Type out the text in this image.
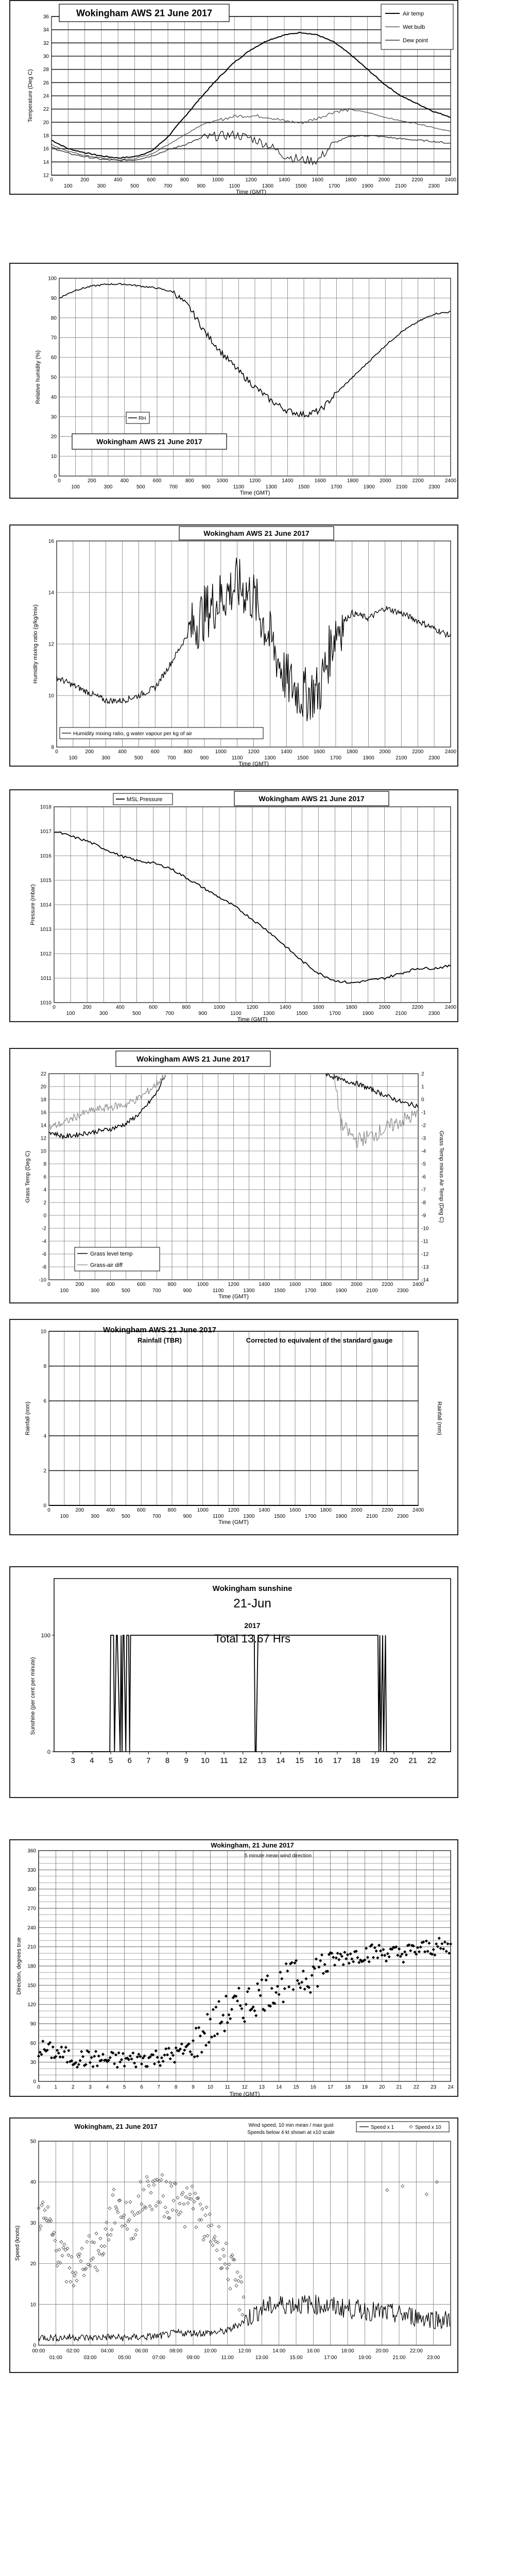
0
100
200
300
400
500
600
700
800
900
1000
1100
1200
1300
1400
1500
1600
1700
1800
1900
2000
2100
2200
2300
2400
12
14
16
18
20
22
24
26
28
30
32
34
36
Time (GMT)
Temperature (Deg C)
Wokingham AWS 21 June 2017	Air temp
Wet bulb
Dew point
0
100
200
300
400
500
600
700
800
900
1000
1100
1200
1300
1400
1500
1600
1700
1800
1900
2000
2100
2200
2300
2400
0
10
20
30
40
50
60
70
80
90
100
Time (GMT)
Relative humidity (%)
RH
Wokingham AWS 21 June 2017
0
100
200
300
400
500
600
700
800
900
1000
1100
1200
1300
1400
1500
1600
1700
1800
1900
2000
2100
2200
2300
2400
8
10
12
14
16
Time (GMT)
Humidity mixing ratio (g/kg/mix)
Wokingham AWS 21 June 2017
Humidity mixing ratio, g water vapour per kg of air
0
100
200
300
400
500
600
700
800
900
1000
1100
1200
1300
1400
1500
1600
1700
1800
1900
2000
2100
2200
2300
2400
1010
1011
1012
1013
1014
1015
1016
1017
1018
Time (GMT)
Pressure (mbar)
MSL Pressure	Wokingham AWS 21 June 2017
0
100
200
300
400
500
600
700
800
900
1000
1100
1200
1300
1400
1500
1600
1700
1800
1900
2000
2100
2200
2300
2400
-10
-8
-6
-4
-2
0
2
4
6
8
10
12
14
16
18
20
22
Time (GMT)
Grass Temp (Deg C)
-14
-13
-12
-11
-10
-9
-8
-7
-6
-5
-4
-3
-2
-1
0
1
2
Grass Temp minus Air Temp (Deg C)
Wokingham AWS 21 June 2017
Grass level temp
Grass-air diff
0
100
200
300
400
500
600
700
800
900
1000
1100
1200
1300
1400
1500
1600
1700
1800
1900
2000
2100
2200
2300
2400
0
2
4
6
8
10
Time (GMT)
Rainfall (mm)	Rainfall (mm)
Wokingham AWS 21 June 2017
Rainfall (TBR)	Corrected to equivalent of the standard gauge
3 4 5 6 7 8 9 10 11 12 13 14 15 16 17 18 19 20 21 22
0
100
Sunshine (per cent per minute)
Wokingham sunshine
21-Jun
2017
Total 13.67 Hrs
0	1	2	3	4	5	6	7	8	9 10 11 12 13 14 15 16 17 18 19 20 21 22 23 24
0
30
60
90
120
150
180
210
240
270
300
330
360
Time (GMT)
Direction, degrees true
Wokingham, 21 June 2017
5 minute mean wind direction
0
10
20
30
40
50
Speed (knots)
00:00	02:00	04:00	06:00	08:00	10:00	12:00	14:00	16:00	18:00	20:00	22:00
01:00	03:00	05:00	07:00	09:00	11:00	13:00	15:00	17:00	19:00	21:00	23:00
Wokingham, 21 June 2017	Wind speed, 10 min mean / max gust
Speeds below 4 kt shown at x10 scale
Speed x 1	Speed x 10
